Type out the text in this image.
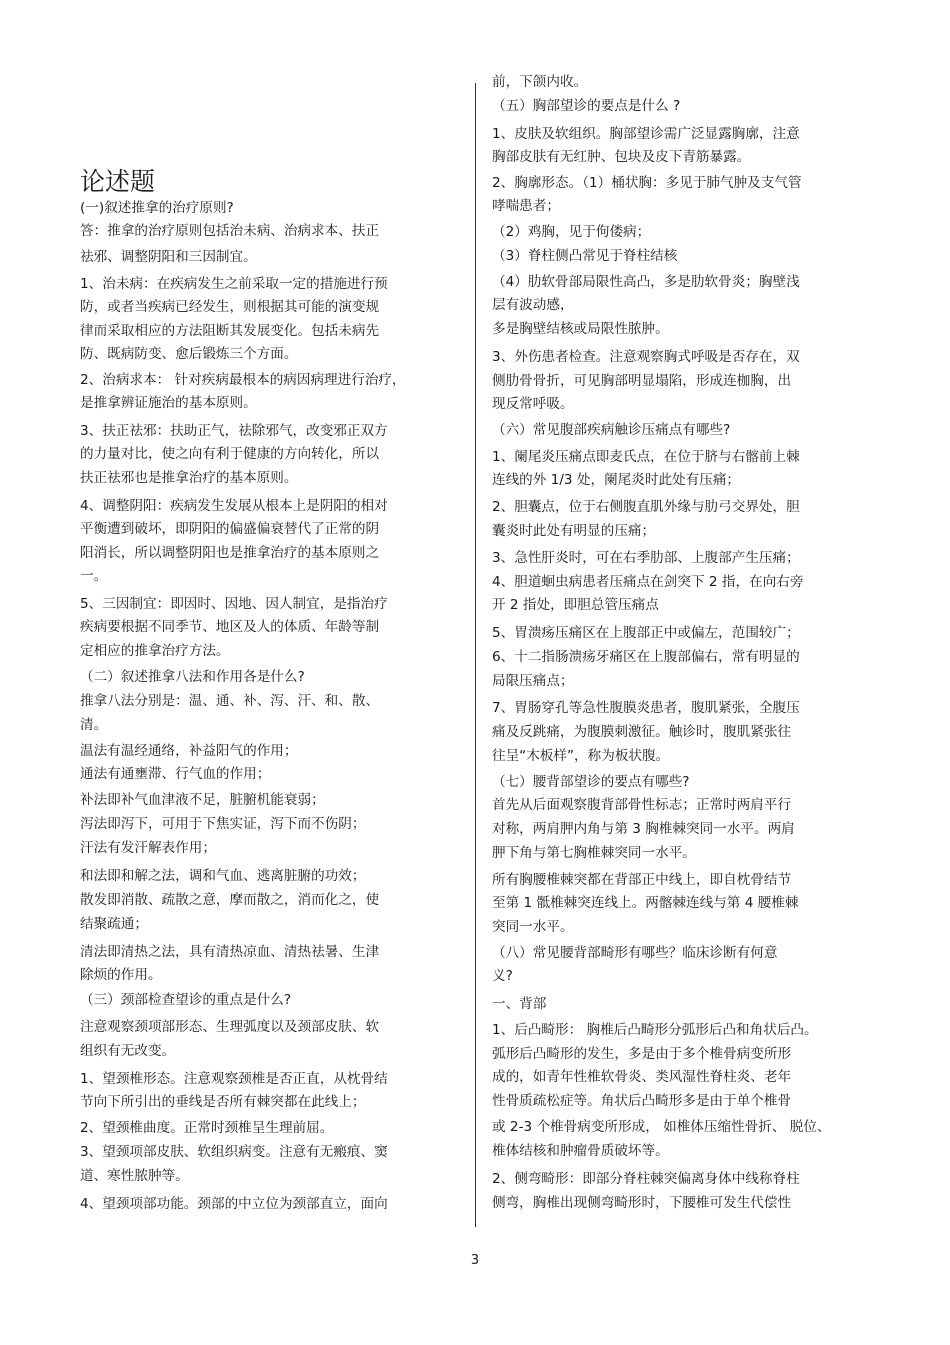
论述题
(一)叙述推拿的治疗原则?
答：推拿的治疗原则包括治未病、治病求本、扶正
祛邪、调整阴阳和三因制宜。
1、治未病：在疾病发生之前采取一定的措施进行预
防，或者当疾病已经发生，则根据其可能的演变规
律而采取相应的方法阻断其发展变化。包括未病先
防、既病防变、愈后锻炼三个方面。
2、治病求本： 针对疾病最根本的病因病理进行治疗，
是推拿辨证施治的基本原则。
3、扶正祛邪：扶助正气，祛除邪气，改变邪正双方
的力量对比，使之向有利于健康的方向转化，所以
扶正祛邪也是推拿治疗的基本原则。
4、调整阴阳：疾病发生发展从根本上是阴阳的相对
平衡遭到破坏，即阴阳的偏盛偏衰替代了正常的阴
阳消长，所以调整阴阳也是推拿治疗的基本原则之
一。
5、三因制宜：即因时、因地、因人制宜，是指治疗
疾病要根据不同季节、地区及人的体质、年龄等制
定相应的推拿治疗方法。
（二）叙述推拿八法和作用各是什么?
推拿八法分别是：温、通、补、泻、汗、和、散、
清。
温法有温经通络，补益阳气的作用；
通法有通壅滞、行气血的作用；
补法即补气血津液不足，脏腑机能衰弱；
泻法即泻下，可用于下焦实证，泻下而不伤阴；
汗法有发汗解表作用；
和法即和解之法，调和气血、逃离脏腑的功效；
散发即消散、疏散之意，摩而散之，消而化之，使
结聚疏通；
清法即清热之法，具有清热凉血、清热祛暑、生津
除烦的作用。
（三）颈部检查望诊的重点是什么?
注意观察颈项部形态、生理弧度以及颈部皮肤、软
组织有无改变。
1、望颈椎形态。注意观察颈椎是否正直，从枕骨结
节向下所引出的垂线是否所有棘突都在此线上；
2、望颈椎曲度。正常时颈椎呈生理前屈。
3、望颈项部皮肤、软组织病变。注意有无瘢痕、窦
道、寒性脓肿等。
4、望颈项部功能。颈部的中立位为颈部直立，面向
前，下颌内收。
（五）胸部望诊的要点是什么 ?
1、皮肤及软组织。胸部望诊需广泛显露胸廓，注意
胸部皮肤有无红肿、包块及皮下青筋暴露。
2、胸廓形态。（1）桶状胸：多见于肺气肿及支气管
哮喘患者；
（2）鸡胸，见于佝偻病；
（3）脊柱侧凸常见于脊柱结核
（4）肋软骨部局限性高凸，多是肋软骨炎；胸壁浅
层有波动感，
多是胸壁结核或局限性脓肿。
3、外伤患者检查。注意观察胸式呼吸是否存在，双
侧肋骨骨折，可见胸部明显塌陷，形成连枷胸，出
现反常呼吸。
（六）常见腹部疾病触诊压痛点有哪些?
1、阑尾炎压痛点即麦氏点，在位于脐与右髂前上棘
连线的外 1/3 处，阑尾炎时此处有压痛；
2、胆囊点，位于右侧腹直肌外缘与肋弓交界处，胆
囊炎时此处有明显的压痛；
3、急性肝炎时，可在右季肋部、上腹部产生压痛；
4、胆道蛔虫病患者压痛点在剑突下 2 指，在向右旁
开 2 指处，即胆总管压痛点
5、胃溃疡压痛区在上腹部正中或偏左，范围较广；
6、十二指肠溃疡牙痛区在上腹部偏右，常有明显的
局限压痛点；
7、胃肠穿孔等急性腹膜炎患者，腹肌紧张，全腹压
痛及反跳痛，为腹膜刺激征。触诊时，腹肌紧张往
往呈“木板样”，称为板状腹。
（七）腰背部望诊的要点有哪些?
首先从后面观察腹背部骨性标志；正常时两肩平行
对称，两肩胛内角与第 3 胸椎棘突同一水平。两肩
胛下角与第七胸椎棘突同一水平。
所有胸腰椎棘突都在背部正中线上，即自枕骨结节
至第 1 骶椎棘突连线上。两髂棘连线与第 4 腰椎棘
突同一水平。
（八）常见腰背部畸形有哪些？临床诊断有何意
义?
一、背部
1、后凸畸形： 胸椎后凸畸形分弧形后凸和角状后凸。
弧形后凸畸形的发生，多是由于多个椎骨病变所形
成的，如青年性椎软骨炎、类风湿性脊柱炎、老年
性骨质疏松症等。角状后凸畸形多是由于单个椎骨
或 2-3 个椎骨病变所形成， 如椎体压缩性骨折、 脱位、
椎体结核和肿瘤骨质破坏等。
2、侧弯畸形：即部分脊柱棘突偏离身体中线称脊柱
侧弯，胸椎出现侧弯畸形时，下腰椎可发生代偿性
3
